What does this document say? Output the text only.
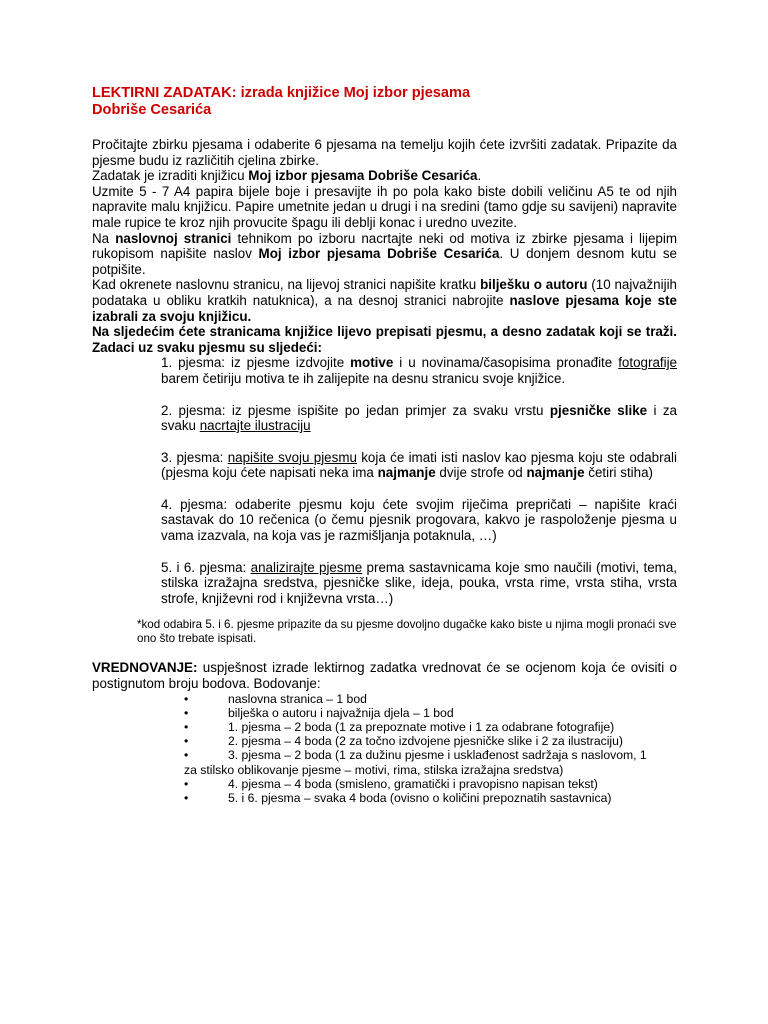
LEKTIRNI ZADATAK: izrada knjižice Moj izbor pjesama
Dobriše Cesarića
Pročitajte zbirku pjesama i odaberite 6 pjesama na temelju kojih ćete izvršiti zadatak. Pripazite da pjesme budu iz različitih cjelina zbirke.
Zadatak je izraditi knjižicu Moj izbor pjesama Dobriše Cesarića.
Uzmite 5 - 7 A4 papira bijele boje i presavijte ih po pola kako biste dobili veličinu A5 te od njih napravite malu knjižicu. Papire umetnite jedan u drugi i na sredini (tamo gdje su savijeni) napravite male rupice te kroz njih provucite špagu ili deblji konac i uredno uvezite.
Na naslovnoj stranici tehnikom po izboru nacrtajte neki od motiva iz zbirke pjesama i lijepim rukopisom napišite naslov Moj izbor pjesama Dobriše Cesarića. U donjem desnom kutu se potpišite.
Kad okrenete naslovnu stranicu, na lijevoj stranici napišite kratku bilješku o autoru (10 najvažnijih podataka u obliku kratkih natuknica), a na desnoj stranici nabrojite naslove pjesama koje ste izabrali za svoju knjižicu.
Na sljedećim ćete stranicama knjižice lijevo prepisati pjesmu, a desno zadatak koji se traži. Zadaci uz svaku pjesmu su sljedeći:
1. pjesma: iz pjesme izdvojite motive i u novinama/časopisima pronađite fotografije barem četiriju motiva te ih zalijepite na desnu stranicu svoje knjižice.
2. pjesma: iz pjesme ispišite po jedan primjer za svaku vrstu pjesničke slike i za svaku nacrtajte ilustraciju
3. pjesma: napišite svoju pjesmu koja će imati isti naslov kao pjesma koju ste odabrali (pjesma koju ćete napisati neka ima najmanje dvije strofe od najmanje četiri stiha)
4. pjesma: odaberite pjesmu koju ćete svojim riječima prepričati – napišite kraći sastavak do 10 rečenica (o čemu pjesnik progovara, kakvo je raspoloženje pjesma u vama izazvala, na koja vas je razmišljanja potaknula, …)
5. i 6. pjesma: analizirajte pjesme prema sastavnicama koje smo naučili (motivi, tema, stilska izražajna sredstva, pjesničke slike, ideja, pouka, vrsta rime, vrsta stiha, vrsta strofe, književni rod i književna vrsta…)
*kod odabira 5. i 6. pjesme pripazite da su pjesme dovoljno dugačke kako biste u njima mogli pronaći sve ono što trebate ispisati.
VREDNOVANJE: uspješnost izrade lektirnog zadatka vrednovat će se ocjenom koja će ovisiti o postignutom broju bodova. Bodovanje:
•	naslovna stranica – 1 bod
•	bilješka o autoru i najvažnija djela – 1 bod
•	1. pjesma – 2 boda (1 za prepoznate motive i 1 za odabrane fotografije)
•	2. pjesma – 4 boda (2 za točno izdvojene pjesničke slike i 2 za ilustraciju)
•	3. pjesma – 2 boda (1 za dužinu pjesme i usklađenost sadržaja s naslovom, 1
za stilsko oblikovanje pjesme – motivi, rima, stilska izražajna sredstva)
•	4. pjesma – 4 boda (smisleno, gramatički i pravopisno napisan tekst)
•	5. i 6. pjesma – svaka 4 boda (ovisno o količini prepoznatih sastavnica)
